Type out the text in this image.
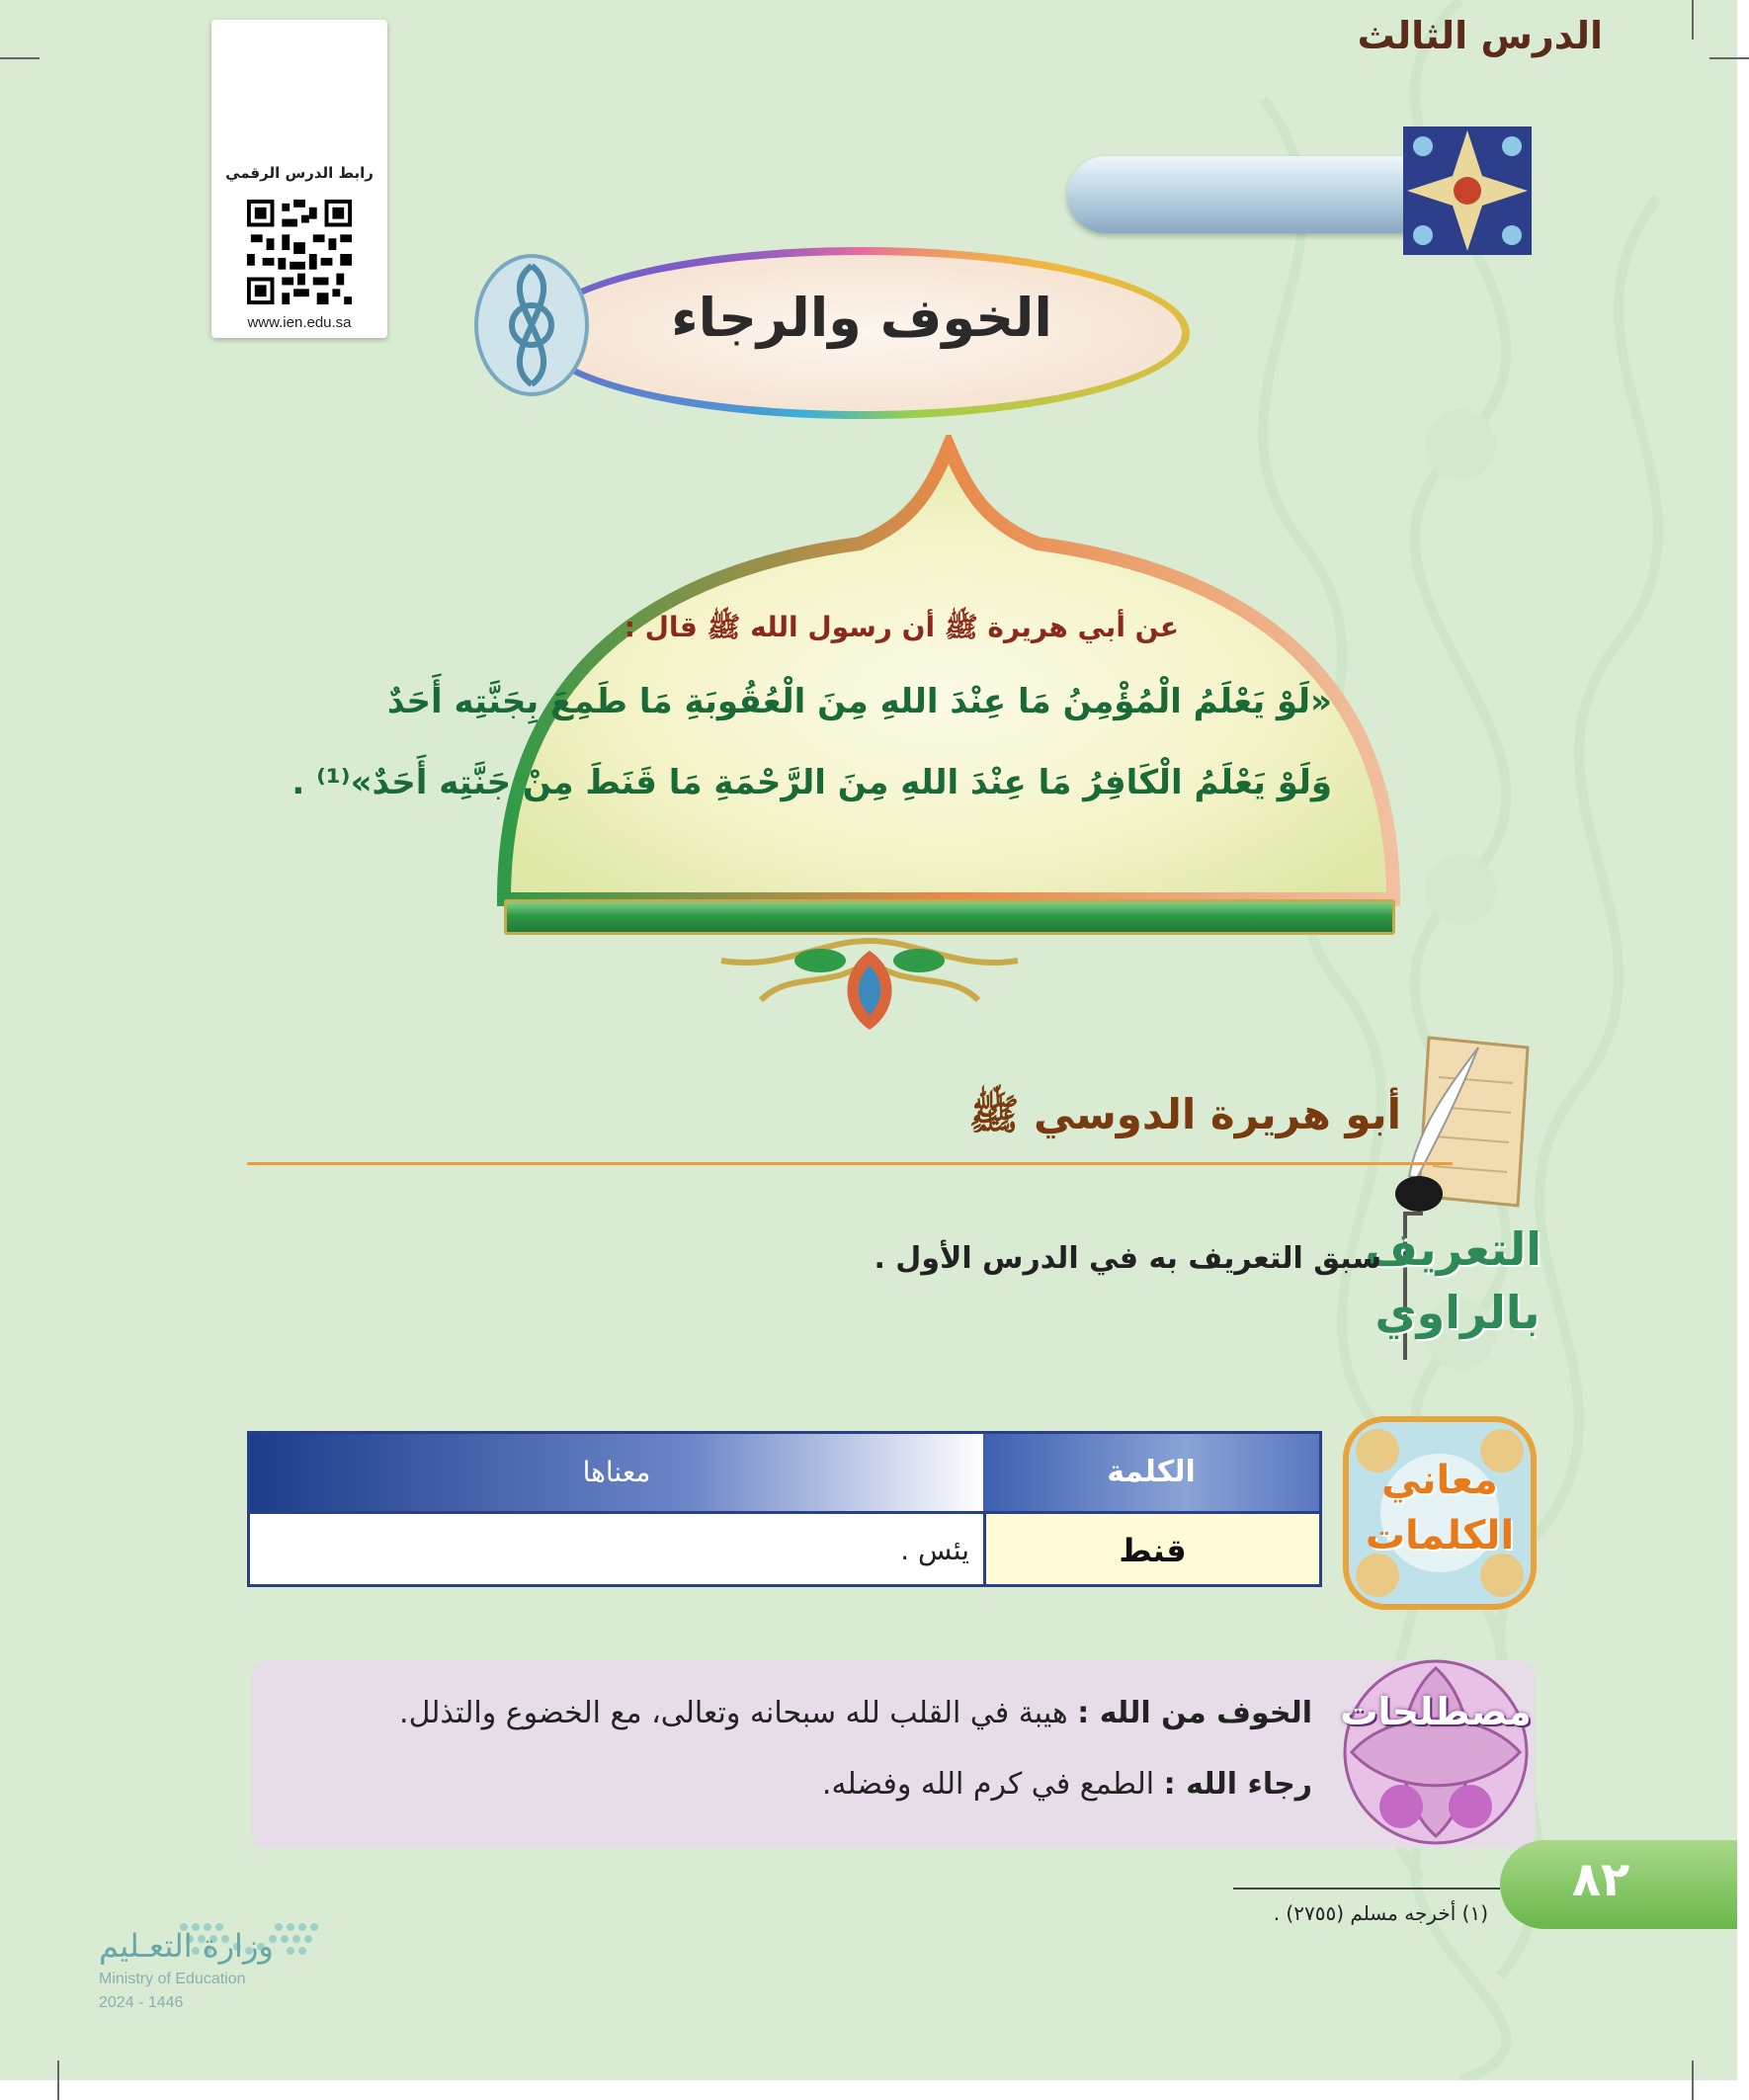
رابط الدرس الرقمي
www.ien.edu.sa
الدرس الثالث
الخوف والرجاء
عن أبي هريرة ﷺ أن رسول الله ﷺ قال :
«لَوْ يَعْلَمُ الْمُؤْمِنُ مَا عِنْدَ اللهِ مِنَ الْعُقُوبَةِ مَا طَمِعَ بِجَنَّتِه أَحَدٌ
وَلَوْ يَعْلَمُ الْكَافِرُ مَا عِنْدَ اللهِ مِنَ الرَّحْمَةِ مَا قَنَطَ مِنْ جَنَّتِه أَحَدٌ»⁽¹⁾ .
أبو هريرة الدوسي ﷺ
التعريف
بالراوي
سبق التعريف به في الدرس الأول .
معاني
الكلمات
الكلمة
معناها
قنط
يئس .
مصطلحات
الخوف من الله : هيبة في القلب لله سبحانه وتعالى، مع الخضوع والتذلل.
رجاء الله : الطمع في كرم الله وفضله.
٨٢
(١) أخرجه مسلم (٢٧٥٥) .
وزارة التعـليم
Ministry of Education
2024 - 1446
